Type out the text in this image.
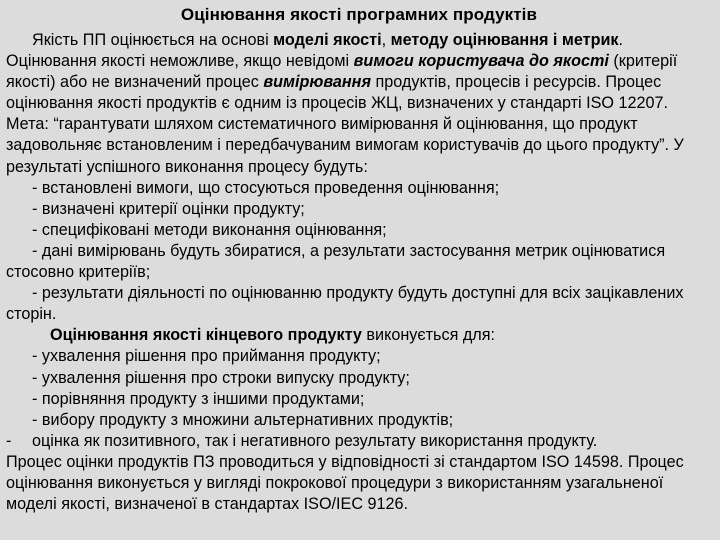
Оцінювання якості програмних продуктів

Якість ПП оцінюється на основі моделі якості, методу оцінювання і метрик. Оцінювання якості неможливе, якщо невідомі вимоги користувача до якості (критерії якості) або не визначений процес вимірювання продуктів, процесів і ресурсів. Процес оцінювання якості продуктів є одним із процесів ЖЦ, визначених у стандарті ISO 12207. Мета: “гарантувати шляхом систематичного вимірювання й оцінювання, що продукт задовольняє встановленим і передбачуваним вимогам користувачів до цього продукту”. У результаті успішного виконання процесу будуть:

- встановлені вимоги, що стосуються проведення оцінювання;

- визначені критерії оцінки продукту;

- специфіковані методи виконання оцінювання;

- дані вимірювань будуть збиратися, а результати застосування метрик оцінюватися стосовно критеріїв;

- результати діяльності по оцінюванню продукту будуть доступні для всіх зацікавлених сторін.

Оцінювання якості кінцевого продукту виконується для:

- ухвалення рішення про приймання продукту;

- ухвалення рішення про строки випуску продукту;

- порівняння продукту з іншими продуктами;

- вибору продукту з множини альтернативних продуктів;

-	оцінка як позитивного, так і негативного результату використання продукту.

Процес оцінки продуктів ПЗ проводиться у відповідності зі стандартом ISO 14598. Процес оцінювання виконується у вигляді покрокової процедури з використанням узагальненої моделі якості, визначеної в стандартах ISO/IEC 9126.
